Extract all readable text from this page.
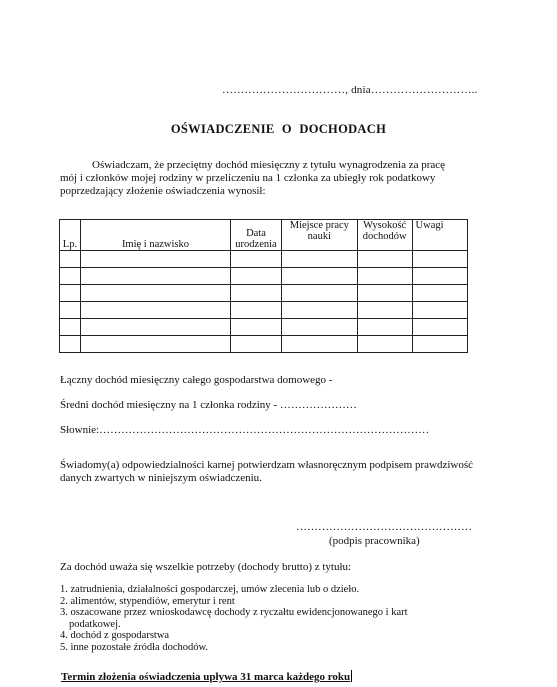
……………………………, dnia………………………..
OŚWIADCZENIE O DOCHODACH
Oświadczam, że przeciętny dochód miesięczny z tytułu wynagrodzenia za pracę
mój i członków mojej rodziny w przeliczeniu na 1 członka za ubiegły rok podatkowy
poprzedzający złożenie oświadczenia wynosił:
Lp.	Imię i nazwisko	Data urodzenia	Miejsce pracy nauki	Wysokość dochodów	Uwagi

Łączny dochód miesięczny całego gospodarstwa domowego -
Średni dochód miesięczny na 1 członka rodziny - …………………
Słownie:………………………………………………………………………………
Świadomy(a) odpowiedzialności karnej potwierdzam własnoręcznym podpisem prawdziwość
danych zwartych w niniejszym oświadczeniu.
…………………………………………
(podpis pracownika)
Za dochód uważa się wszelkie potrzeby (dochody brutto) z tytułu:
1. zatrudnienia, działalności gospodarczej, umów zlecenia lub o dzieło.
2. alimentów, stypendiów, emerytur i rent
3. oszacowane przez wnioskodawcę dochody z ryczałtu ewidencjonowanego i kart
podatkowej.
4. dochód z gospodarstwa
5. inne pozostałe źródła dochodów.
Termin złożenia oświadczenia upływa 31 marca każdego roku
